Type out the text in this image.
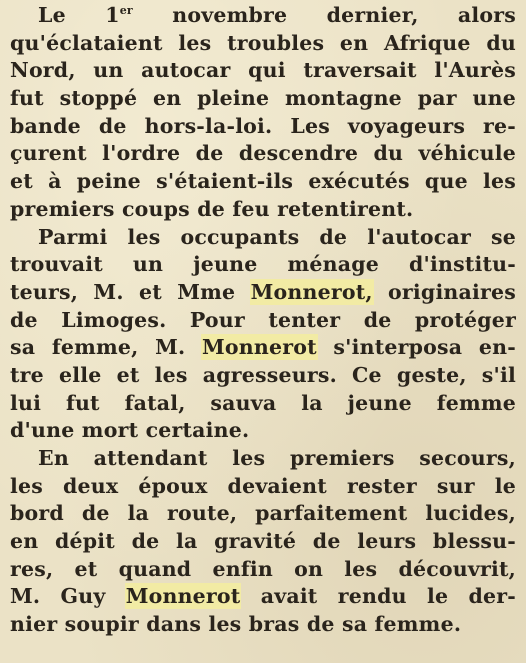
Le 1er novembre dernier, alors
qu'éclataient les troubles en Afrique du
Nord, un autocar qui traversait l'Aurès
fut stoppé en pleine montagne par une
bande de hors-la-loi. Les voyageurs re-
çurent l'ordre de descendre du véhicule
et à peine s'étaient-ils exécutés que les
premiers coups de feu retentirent.
Parmi les occupants de l'autocar se
trouvait un jeune ménage d'institu-
teurs, M. et Mme Monnerot, originaires
de Limoges. Pour tenter de protéger
sa femme, M. Monnerot s'interposa en-
tre elle et les agresseurs. Ce geste, s'il
lui fut fatal, sauva la jeune femme
d'une mort certaine.
En attendant les premiers secours,
les deux époux devaient rester sur le
bord de la route, parfaitement lucides,
en dépit de la gravité de leurs blessu-
res, et quand enfin on les découvrit,
M. Guy Monnerot avait rendu le der-
nier soupir dans les bras de sa femme.
